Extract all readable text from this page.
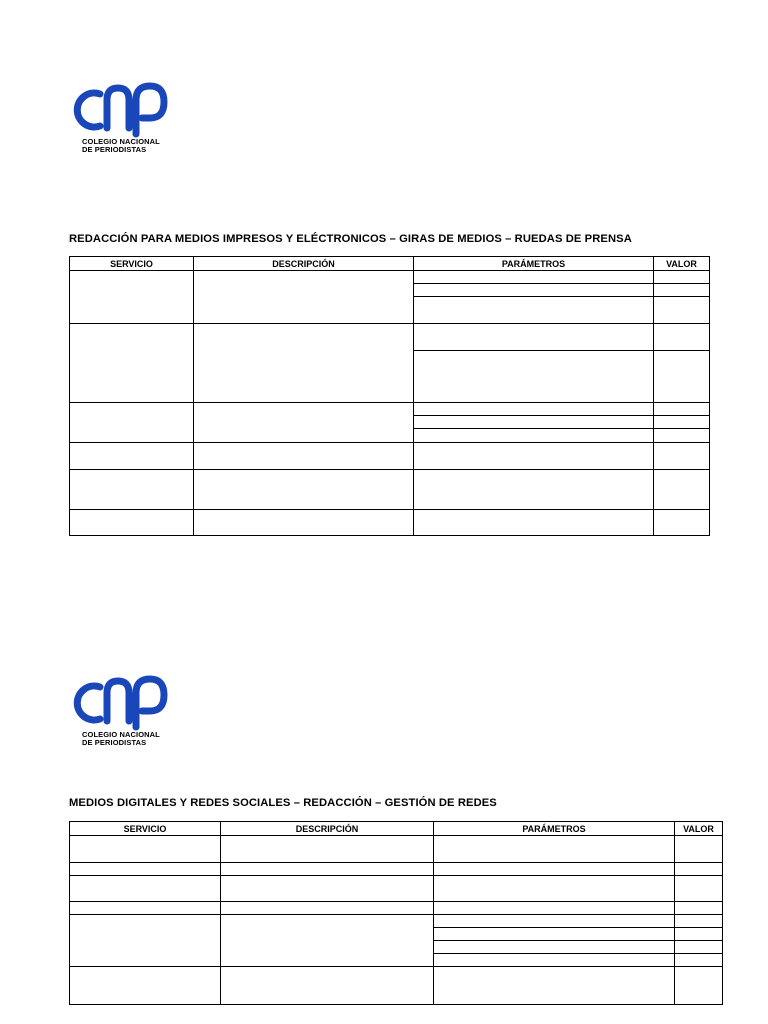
COLEGIO NACIONAL
DE PERIODISTAS
REDACCIÓN PARA MEDIOS IMPRESOS Y ELÉCTRONICOS – GIRAS DE MEDIOS – RUEDAS DE PRENSA
SERVICIO	DESCRIPCIÓN	PARÁMETROS	VALOR

COLEGIO NACIONAL
DE PERIODISTAS
MEDIOS DIGITALES Y REDES SOCIALES – REDACCIÓN – GESTIÓN DE REDES
SERVICIO	DESCRIPCIÓN	PARÁMETROS	VALOR
